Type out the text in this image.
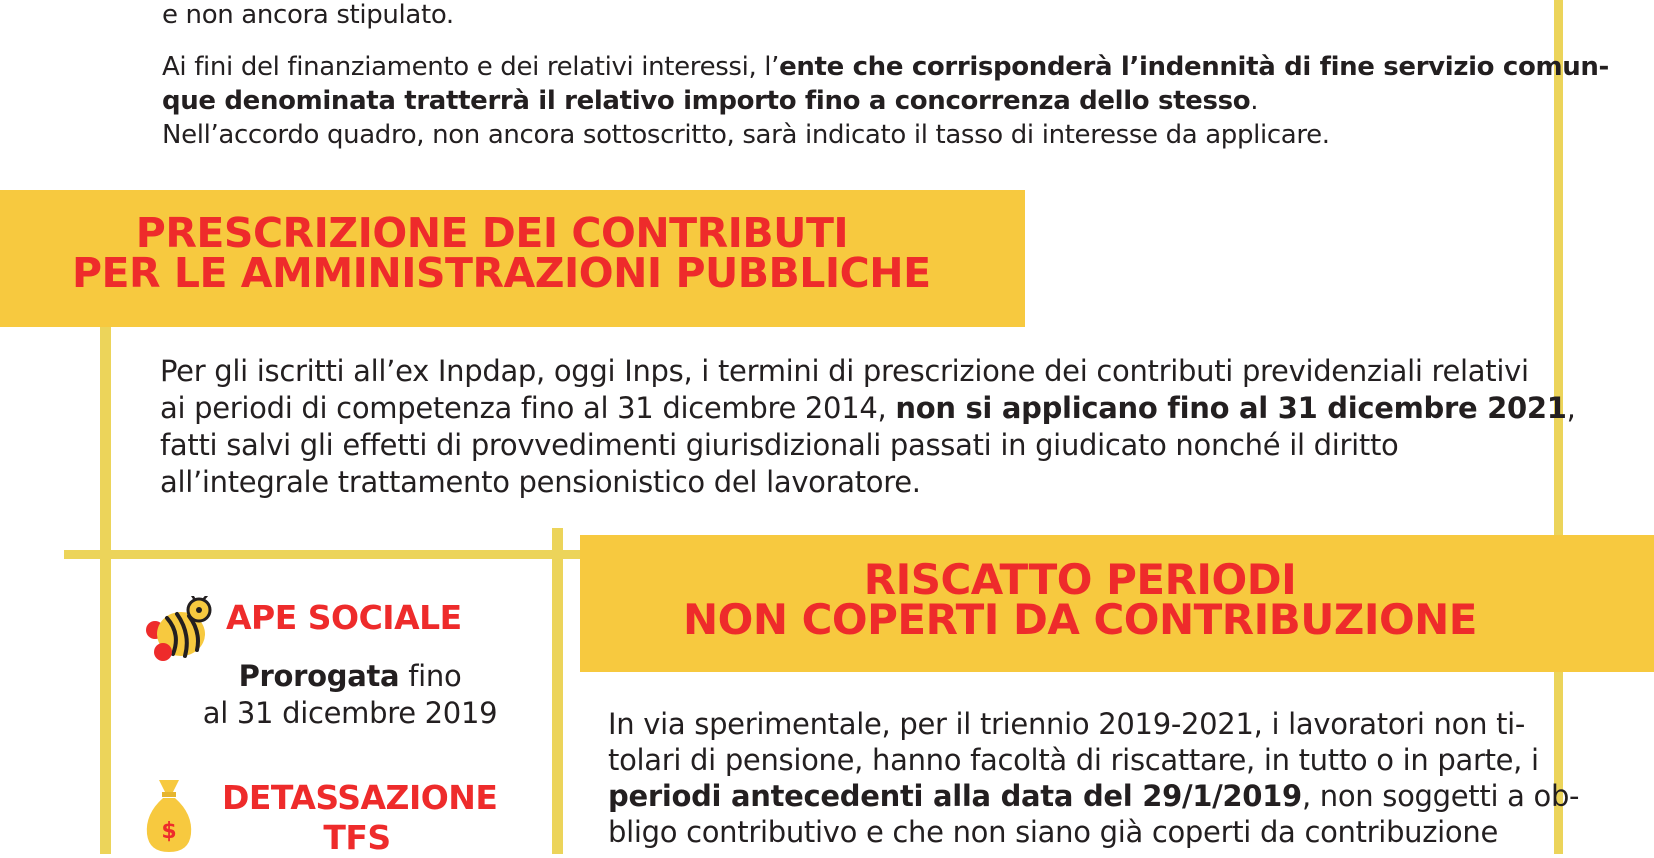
e non ancora stipulato.

Ai fini del finanziamento e dei relativi interessi, l’ente che corrisponderà l’indennità di fine servizio comun-

que denominata tratterrà il relativo importo fino a concorrenza dello stesso.

Nell’accordo quadro, non ancora sottoscritto, sarà indicato il tasso di interesse da applicare.

PRESCRIZIONE DEI CONTRIBUTI
PER LE AMMINISTRAZIONI PUBBLICHE

Per gli iscritti all’ex Inpdap, oggi Inps, i termini di prescrizione dei contributi previdenziali relativi

ai periodi di competenza fino al 31 dicembre 2014, non si applicano fino al 31 dicembre 2021,

fatti salvi gli effetti di provvedimenti giurisdizionali passati in giudicato nonché il diritto

all’integrale trattamento pensionistico del lavoratore.

APE SOCIALE

Prorogata fino
al 31 dicembre 2019

$
DETASSAZIONE
TFS
RISCATTO PERIODI
NON COPERTI DA CONTRIBUZIONE

In via sperimentale, per il triennio 2019-2021, i lavoratori non ti-

tolari di pensione, hanno facoltà di riscattare, in tutto o in parte, i

periodi antecedenti alla data del 29/1/2019, non soggetti a ob-

bligo contributivo e che non siano già coperti da contribuzione
